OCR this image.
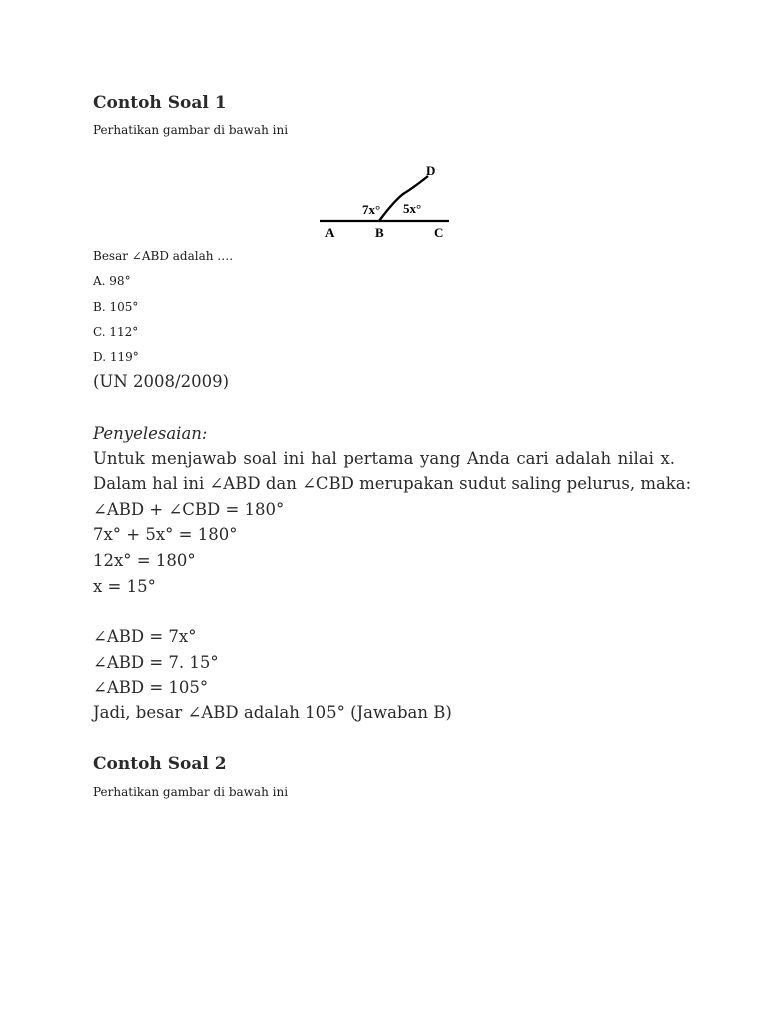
Contoh Soal 1
Perhatikan gambar di bawah ini
D
7x° 5x°
A	B	C
Besar ∠ABD adalah ….
A. 98°
B. 105°
C. 112°
D. 119°
(UN 2008/2009)
Penyelesaian:
Untuk menjawab soal ini hal pertama yang Anda cari adalah nilai x.
Dalam hal ini ∠ABD dan ∠CBD merupakan sudut saling pelurus, maka:
∠ABD + ∠CBD = 180°
7x° + 5x° = 180°
12x° = 180°
x = 15°
∠ABD = 7x°
∠ABD = 7. 15°
∠ABD = 105°
Jadi, besar ∠ABD adalah 105° (Jawaban B)
Contoh Soal 2
Perhatikan gambar di bawah ini
